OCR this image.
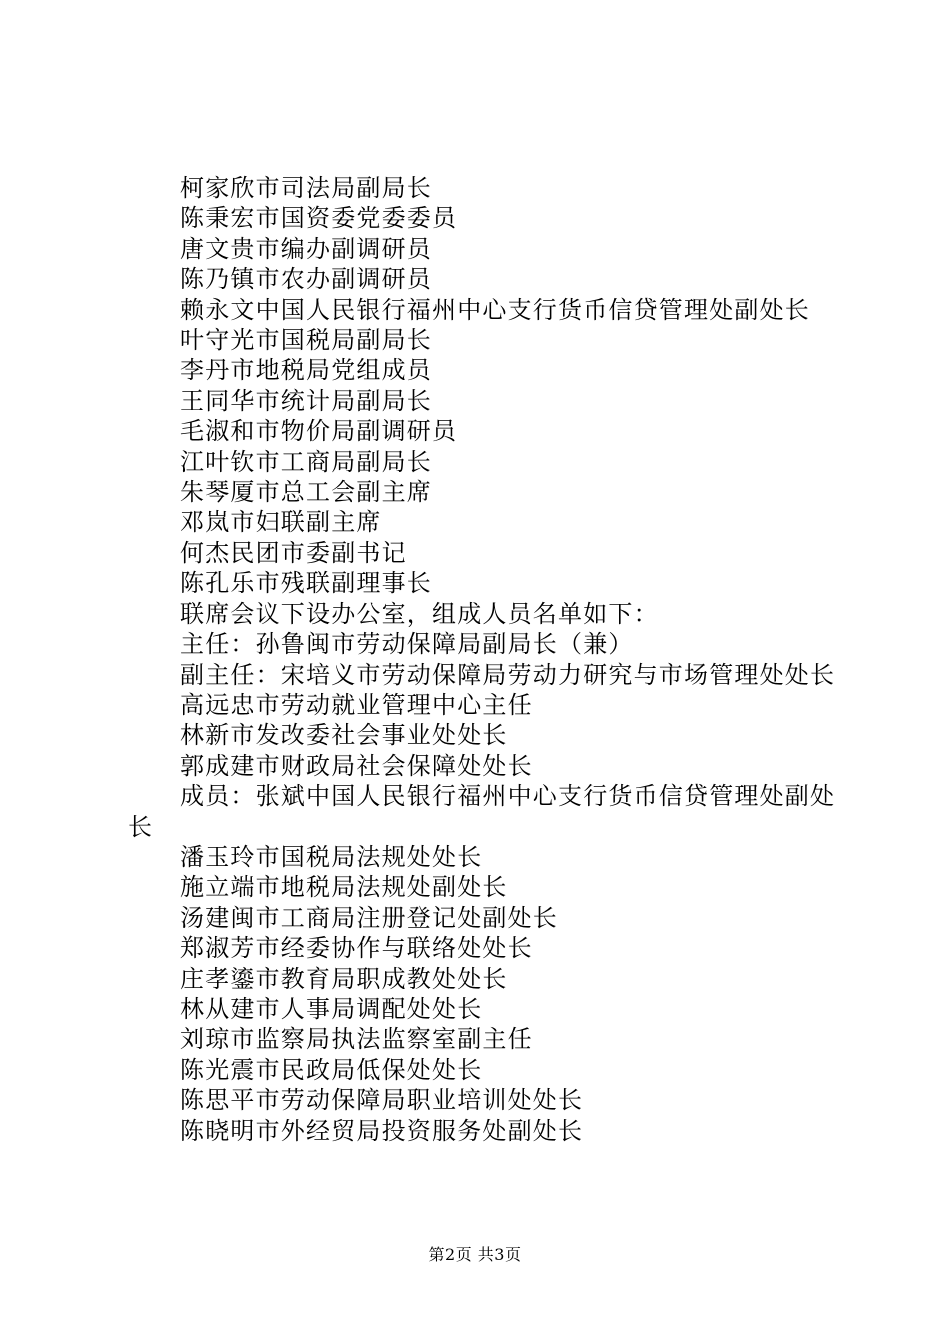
柯家欣市司法局副局长

陈秉宏市国资委党委委员

唐文贵市编办副调研员

陈乃镇市农办副调研员

赖永文中国人民银行福州中心支行货币信贷管理处副处长

叶守光市国税局副局长

李丹市地税局党组成员

王同华市统计局副局长

毛淑和市物价局副调研员

江叶钦市工商局副局长

朱琴厦市总工会副主席

邓岚市妇联副主席

何杰民团市委副书记

陈孔乐市残联副理事长

联席会议下设办公室，组成人员名单如下：

主任：孙鲁闽市劳动保障局副局长（兼）

副主任：宋培义市劳动保障局劳动力研究与市场管理处处长

高远忠市劳动就业管理中心主任

林新市发改委社会事业处处长

郭成建市财政局社会保障处处长

成员：张斌中国人民银行福州中心支行货币信贷管理处副处长

潘玉玲市国税局法规处处长

施立端市地税局法规处副处长

汤建闽市工商局注册登记处副处长

郑淑芳市经委协作与联络处处长

庄孝鎏市教育局职成教处处长

林从建市人事局调配处处长

刘琼市监察局执法监察室副主任

陈光震市民政局低保处处长

陈思平市劳动保障局职业培训处处长

陈晓明市外经贸局投资服务处副处长

第2页 共3页
